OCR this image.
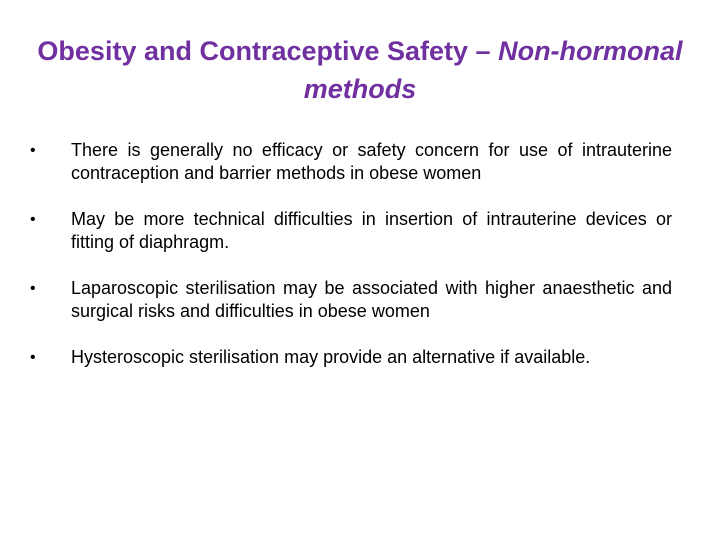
Obesity and Contraceptive Safety – Non-hormonal methods
•	There is generally no efficacy or safety concern for use of intrauterine contraception and barrier methods in obese women
•	May be more technical difficulties in insertion of intrauterine devices or fitting of diaphragm.
•	Laparoscopic sterilisation may be associated with higher anaesthetic and surgical risks and difficulties in obese women
•	Hysteroscopic sterilisation may provide an alternative if available.
